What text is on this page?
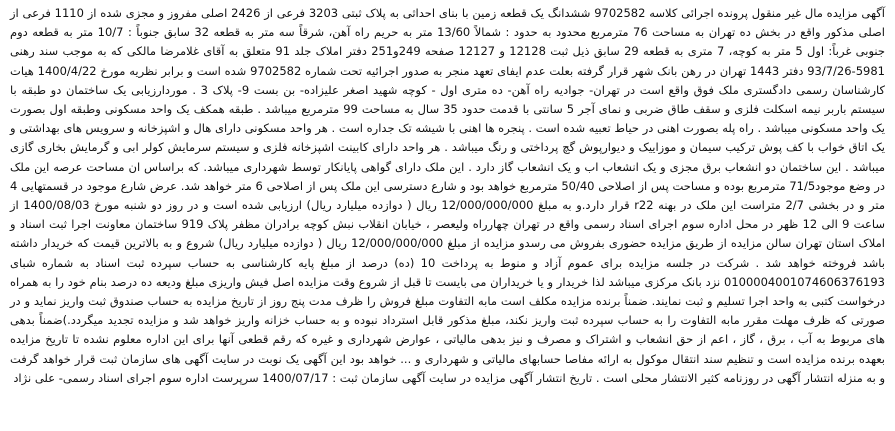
آگهی مزایده مال غیر منقول پرونده اجرائی کلاسه 9702582 ششدانگ یک قطعه زمین با بنای احداثی به پلاک ثبتی 3203 فرعی از 2426 اصلی مفروز و مجزی شده از 1110 فرعی از اصلی مذکور واقع در بخش ده تهران به مساحت 76 مترمربع محدود به حدود : شمالاً 13/60 متر به حریم راه آهن، شرقاً سه متر به قطعه 32 سابق جنوباً : 10/7 متر به قطعه دوم جنوبی غرباً: اول 5 متر به کوچه، 7 متری به قطعه 29 سابق ذیل ثبت 12128 و 12127 صفحه 249و251 دفتر املاک جلد 91 متعلق به آقای غلامرضا مالکی که به موجب سند رهنی 5981-93/7/26 دفتر 1443 تهران در رهن بانک شهر قرار گرفته بعلت عدم ایفای تعهد منجر به صدور اجرائیه تحت شماره 9702582 شده است و برابر نظریه مورخ 1400/4/22 هیات کارشناسان رسمی دادگستری ملک فوق واقع است در تهران- جواديه راه آهن- ده متری اول - کوچه شهید اصغر علیزاده- بن بست 9- پلاک 3 . موردارزیابی یک ساختمان دو طبقه با سیستم باربر نیمه اسکلت فلزی و سقف طاق ضربی و نمای آجر 5 سانتی با قدمت حدود 35 سال به مساحت 99 مترمربع میباشد . طبقه همکف یک واحد مسکونی وطبقه اول بصورت یک واحد مسکونی میباشد . راه پله بصورت اهنی در حیاط تعبیه شده است . پنجره ها اهنی با شیشه تک جداره است . هر واحد مسکونی دارای هال و اشپزخانه و سرویس های بهداشتی و یک اتاق خواب با کف پوش ترکیب سیمان و موزاییک و دیوارپوش گچ پرداختی و رنگ میباشد . هر واحد دارای کابینت اشپزخانه فلزی و سیستم سرمایش کولر ابی و گرمایش بخاری گازی میباشد . این ساختمان دو انشعاب برق مجزی و یک انشعاب اب و یک انشعاب گاز دارد . این ملک دارای گواهی پایانکار توسط شهرداری میباشد. که براساس ان مساحت عرصه این ملک در وضع موجود71/5 مترمربع بوده و مساحت پس از اصلاحی 50/40 مترمربع خواهد بود و شارع دسترسی این ملک پس از اصلاحی 6 متر خواهد شد. عرض شارع موجود در قسمتهایی 4 متر و در بخشی 2/7 متراست این ملک در بهنه r22 قرار دارد.و به مبلغ 12/000/000/000 ریال ( دوازده میلیارد ریال) ارزیابی شده است و در روز دو شنبه مورخ 1400/08/03 از ساعت 9 الی 12 ظهر در محل اداره سوم اجرای اسناد رسمی واقع در تهران چهارراه ولیعصر ، خیابان انقلاب نبش کوچه برادران مظفر پلاک 919 ساختمان معاونت اجرا ثبت اسناد و املاک استان تهران سالن مزایده از طریق مزایده حضوری بفروش می رسدو مزایده از مبلغ 12/000/000/000 ریال ( دوازده میلیارد ریال) شروع و به بالاترین قیمت که خریدار داشته باشد فروخته خواهد شد . شرکت در جلسه مزایده برای عموم آزاد و منوط به پرداخت 10 (ده) درصد از مبلغ پایه کارشناسی به حساب سپرده ثبت اسناد به شماره شبای 0100004001074606376193 نزد بانک مرکزی میباشد لذا خریدار و یا خریداران می بایست تا قبل از شروع وقت مزایده اصل فیش واریزی مبلغ ودیعه ده درصد بنام خود را به همراه درخواست کتبی به واحد اجرا تسلیم و ثبت نمایند. ضمناً برنده مزایده مکلف است مابه التفاوت مبلغ فروش را ظرف مدت پنج روز از تاریخ مزایده به حساب صندوق ثبت واریز نماید و در صورتی که ظرف مهلت مقرر مابه التفاوت را به حساب سپرده ثبت واریز نکند، مبلغ مذکور قابل استرداد نبوده و به حساب خزانه واریز خواهد شد و مزایده تجدید میگردد.)ضمناً بدهی های مربوط به آب ، برق ، گاز ، اعم از حق انشعاب و اشتراک و مصرف و نیز بدهی مالیاتی ، عوارض شهرداری و غیره که رقم قطعی آنها برای این اداره معلوم نشده تا تاریخ مزایده بعهده برنده مزایده است و تنظیم سند انتقال موکول به ارائه مفاصا حسابهای مالیاتی و شهرداری و ... خواهد بود این آگهی یک نوبت در سایت آگهی های سازمان ثبت قرار خواهد گرفت و به منزله انتشار آگهی در روزنامه کثیر الانتشار محلی است . تاریخ انتشار آگهی مزایده در سایت آگهی سازمان ثبت : 1400/07/17 سرپرست اداره سوم اجرای اسناد رسمی- علی نژاد
